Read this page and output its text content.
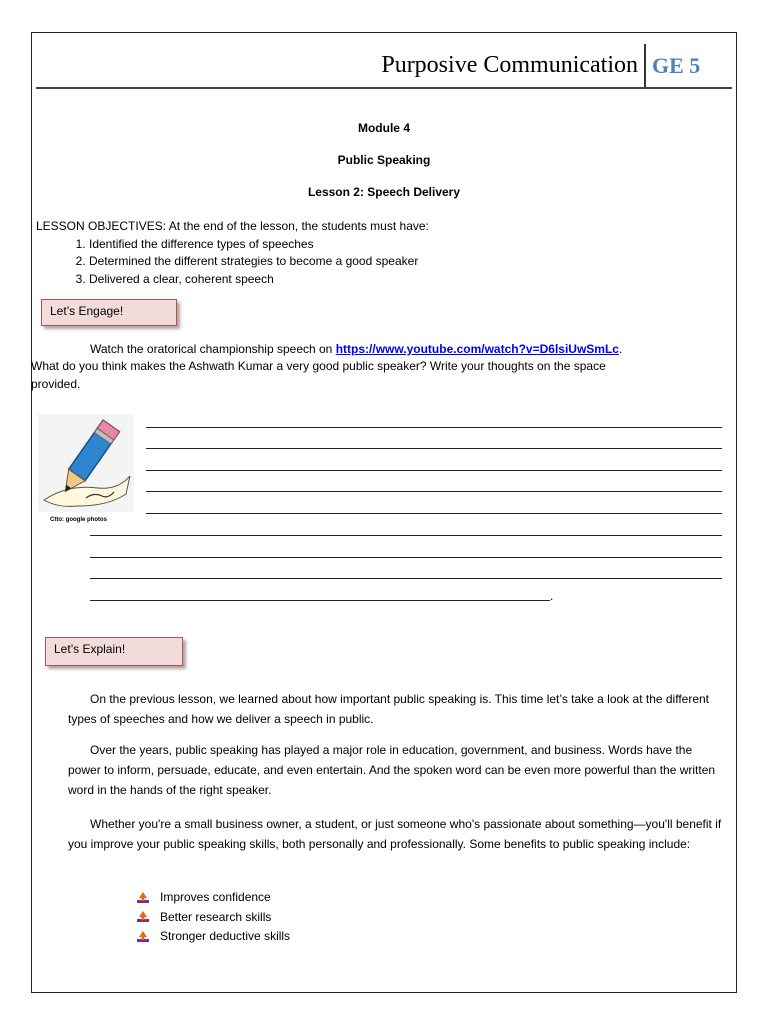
Purposive Communication GE 5
Module 4
Public Speaking
Lesson 2: Speech Delivery
LESSON OBJECTIVES: At the end of the lesson, the students must have:
1. Identified the difference types of speeches
2. Determined the different strategies to become a good speaker
3. Delivered a clear, coherent speech
Let’s Engage!
Watch the oratorical championship speech on https://www.youtube.com/watch?v=D6lsiUwSmLc.
What do you think makes the Ashwath Kumar a very good public speaker? Write your thoughts on the space
provided.
Ctto: google photos
.
Let’s Explain!
On the previous lesson, we learned about how important public speaking is. This time let’s take a look at the different types of speeches and how we deliver a speech in public.
Over the years, public speaking has played a major role in education, government, and business. Words have the power to inform, persuade, educate, and even entertain. And the spoken word can be even more powerful than the written word in the hands of the right speaker.
Whether you're a small business owner, a student, or just someone who's passionate about something—you'll benefit if you improve your public speaking skills, both personally and professionally. Some benefits to public speaking include:
Improves confidence
Better research skills
Stronger deductive skills
